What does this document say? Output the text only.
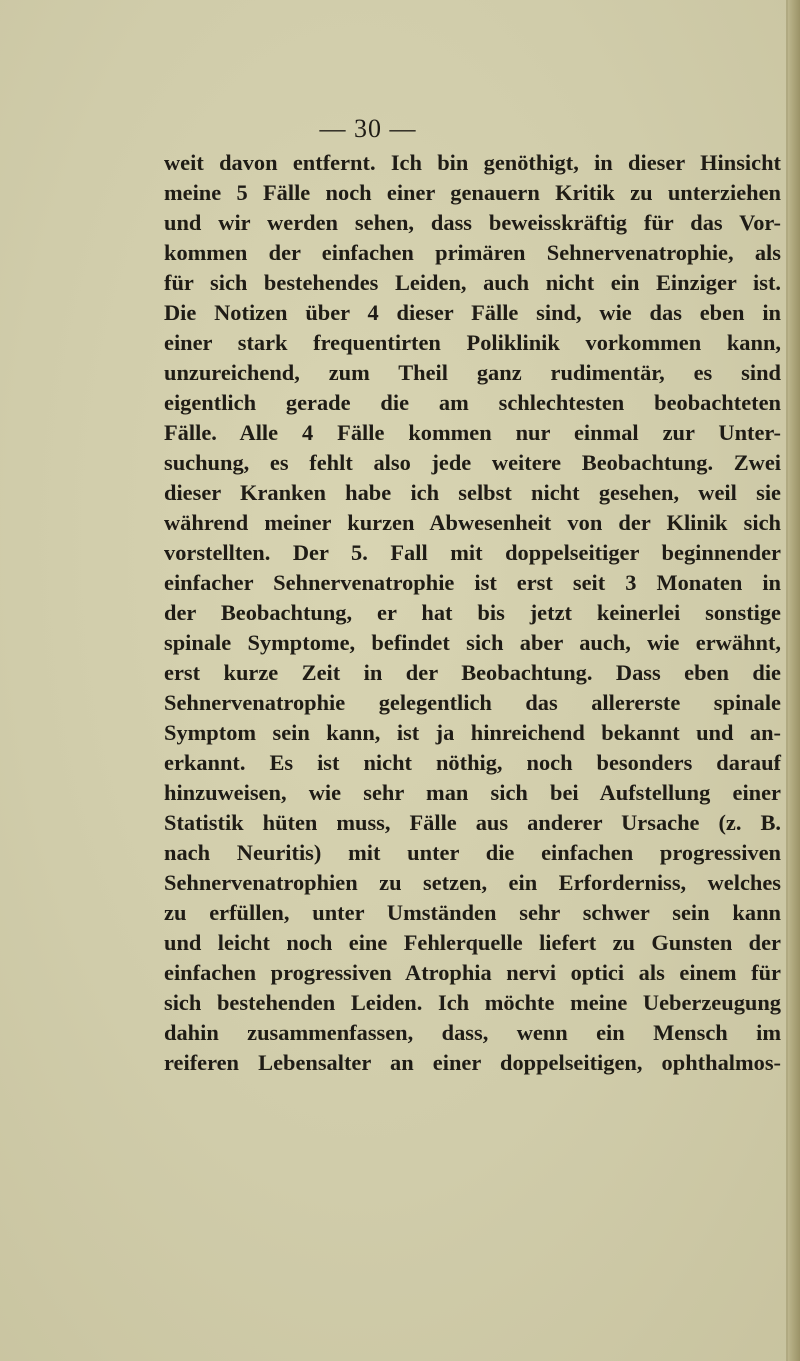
— 30 —
weit davon entfernt. Ich bin genöthigt, in dieser Hinsicht
meine 5 Fälle noch einer genauern Kritik zu unterziehen
und wir werden sehen, dass beweisskräftig für das Vor-
kommen der einfachen primären Sehnervenatrophie, als
für sich bestehendes Leiden, auch nicht ein Einziger ist.
Die Notizen über 4 dieser Fälle sind, wie das eben in
einer stark frequentirten Poliklinik vorkommen kann,
unzureichend, zum Theil ganz rudimentär, es sind
eigentlich gerade die am schlechtesten beobachteten
Fälle. Alle 4 Fälle kommen nur einmal zur Unter-
suchung, es fehlt also jede weitere Beobachtung. Zwei
dieser Kranken habe ich selbst nicht gesehen, weil sie
während meiner kurzen Abwesenheit von der Klinik sich
vorstellten. Der 5. Fall mit doppelseitiger beginnender
einfacher Sehnervenatrophie ist erst seit 3 Monaten in
der Beobachtung, er hat bis jetzt keinerlei sonstige
spinale Symptome, befindet sich aber auch, wie erwähnt,
erst kurze Zeit in der Beobachtung. Dass eben die
Sehnervenatrophie gelegentlich das allererste spinale
Symptom sein kann, ist ja hinreichend bekannt und an-
erkannt. Es ist nicht nöthig, noch besonders darauf
hinzuweisen, wie sehr man sich bei Aufstellung einer
Statistik hüten muss, Fälle aus anderer Ursache (z. B.
nach Neuritis) mit unter die einfachen progressiven
Sehnervenatrophien zu setzen, ein Erforderniss, welches
zu erfüllen, unter Umständen sehr schwer sein kann
und leicht noch eine Fehlerquelle liefert zu Gunsten der
einfachen progressiven Atrophia nervi optici als einem für
sich bestehenden Leiden. Ich möchte meine Ueberzeugung
dahin zusammenfassen, dass, wenn ein Mensch im
reiferen Lebensalter an einer doppelseitigen, ophthalmos-
